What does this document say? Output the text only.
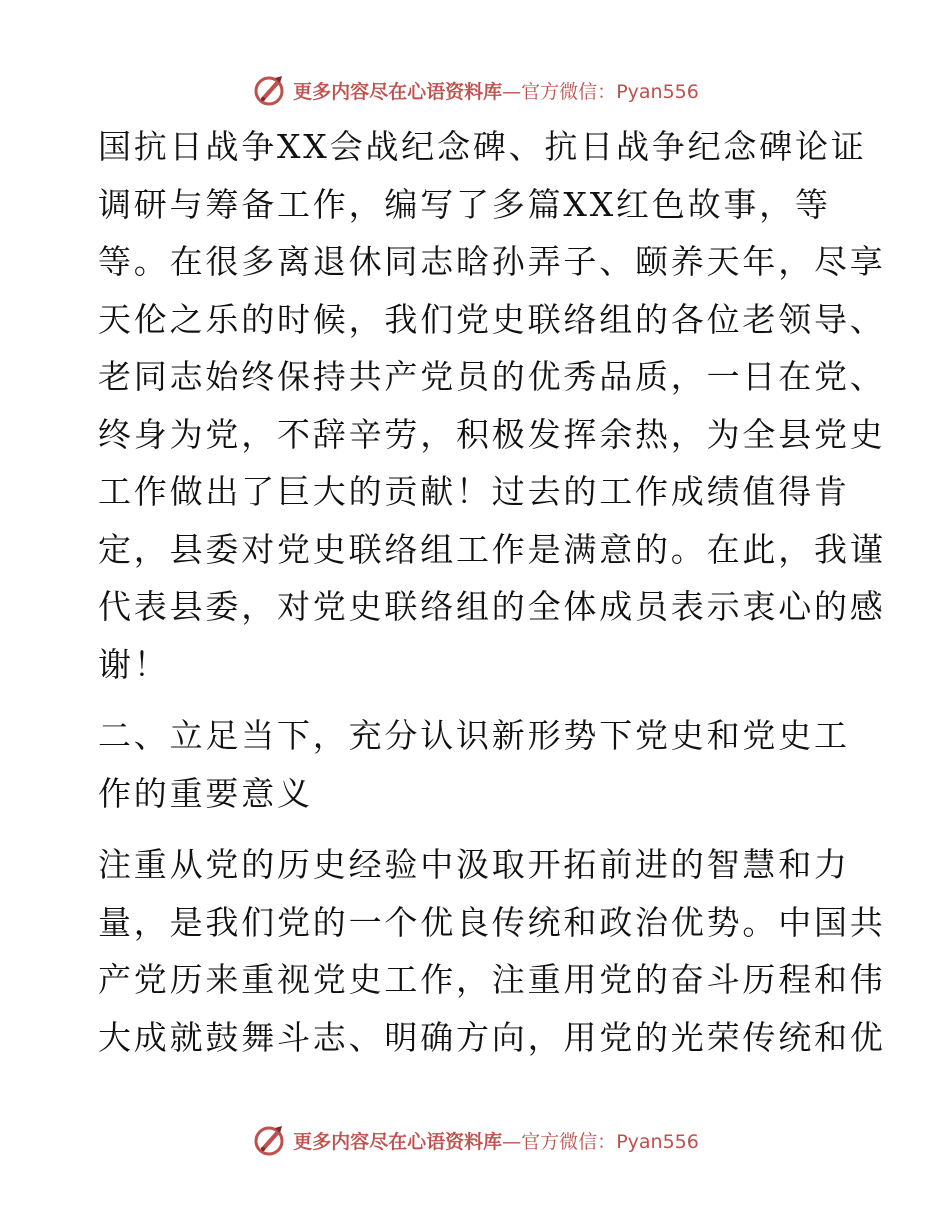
更多内容尽在心语资料库—官方微信：Pyan556
国抗日战争XX会战纪念碑、抗日战争纪念碑论证
调研与筹备工作，编写了多篇XX红色故事，等
等。在很多离退休同志晗孙弄子、颐养天年，尽享
天伦之乐的时候，我们党史联络组的各位老领导、
老同志始终保持共产党员的优秀品质，一日在党、
终身为党，不辞辛劳，积极发挥余热，为全县党史
工作做出了巨大的贡献！过去的工作成绩值得肯
定，县委对党史联络组工作是满意的。在此，我谨
代表县委，对党史联络组的全体成员表示衷心的感
谢！
二、立足当下，充分认识新形势下党史和党史工
作的重要意义
注重从党的历史经验中汲取开拓前进的智慧和力
量，是我们党的一个优良传统和政治优势。中国共
产党历来重视党史工作，注重用党的奋斗历程和伟
大成就鼓舞斗志、明确方向，用党的光荣传统和优
更多内容尽在心语资料库—官方微信：Pyan556
